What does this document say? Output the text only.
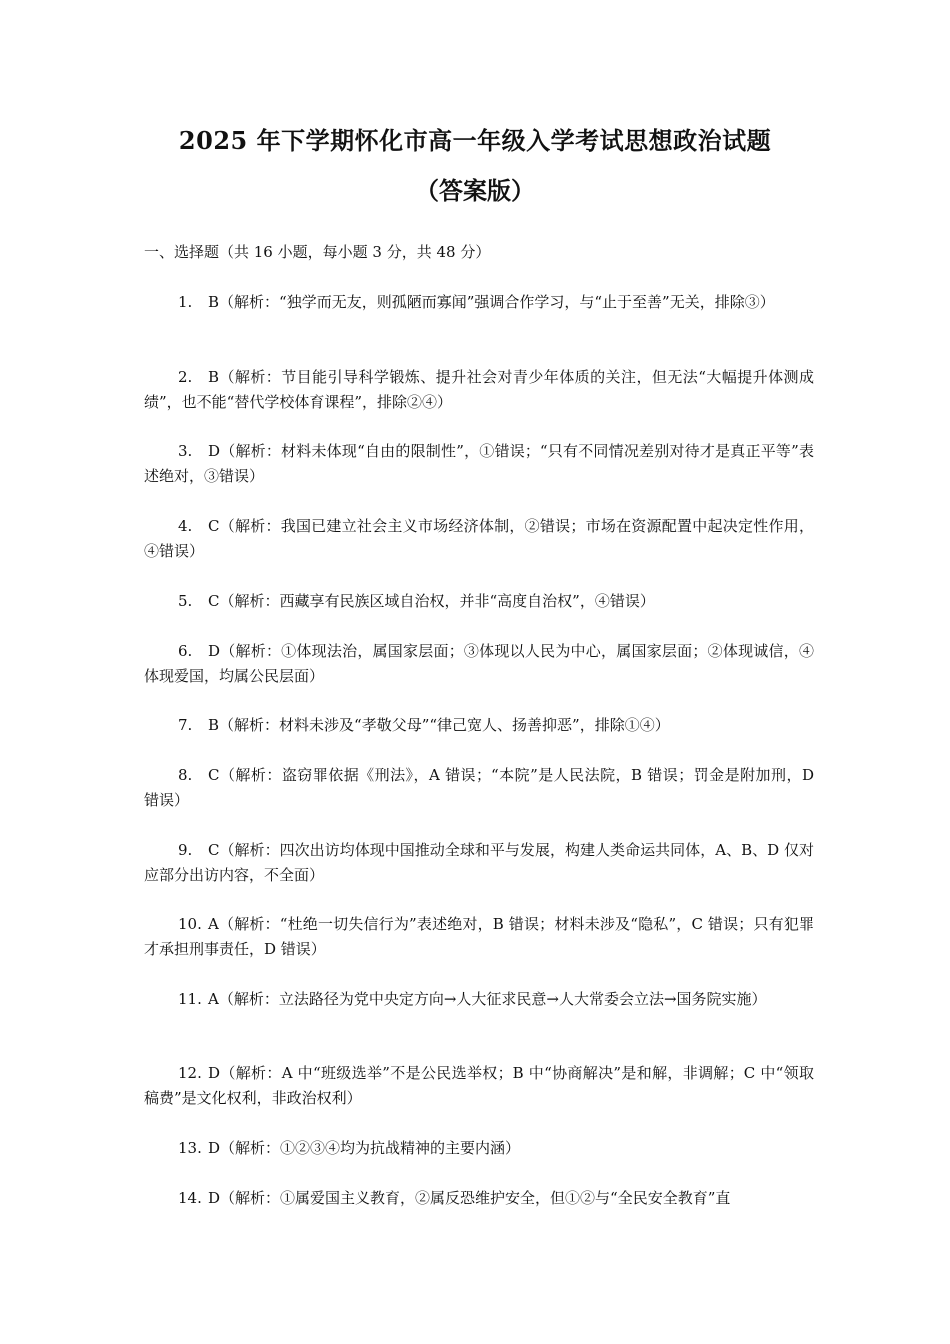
2025 年下学期怀化市高一年级入学考试思想政治试题
（答案版）
一、选择题（共 16 小题，每小题 3 分，共 48 分）
1. B（解析：“独学而无友，则孤陋而寡闻”强调合作学习，与“止于至善”无关，排除③）
2. B（解析：节目能引导科学锻炼、提升社会对青少年体质的关注，但无法“大幅提升体测成绩”，也不能“替代学校体育课程”，排除②④）
3. D（解析：材料未体现“自由的限制性”，①错误；“只有不同情况差别对待才是真正平等”表述绝对，③错误）
4. C（解析：我国已建立社会主义市场经济体制，②错误；市场在资源配置中起决定性作用，④错误）
5. C（解析：西藏享有民族区域自治权，并非“高度自治权”，④错误）
6. D（解析：①体现法治，属国家层面；③体现以人民为中心，属国家层面；②体现诚信，④体现爱国，均属公民层面）
7. B（解析：材料未涉及“孝敬父母”“律己宽人、扬善抑恶”，排除①④）
8. C（解析：盗窃罪依据《刑法》，A 错误；“本院”是人民法院，B 错误；罚金是附加刑，D 错误）
9. C（解析：四次出访均体现中国推动全球和平与发展，构建人类命运共同体，A、B、D 仅对应部分出访内容，不全面）
10. A（解析：“杜绝一切失信行为”表述绝对，B 错误；材料未涉及“隐私”，C 错误；只有犯罪才承担刑事责任，D 错误）
11. A（解析：立法路径为党中央定方向→人大征求民意→人大常委会立法→国务院实施）
12. D（解析：A 中“班级选举”不是公民选举权；B 中“协商解决”是和解，非调解；C 中“领取稿费”是文化权利，非政治权利）
13. D（解析：①②③④均为抗战精神的主要内涵）
14. D（解析：①属爱国主义教育，②属反恐维护安全，但①②与“全民安全教育”直
